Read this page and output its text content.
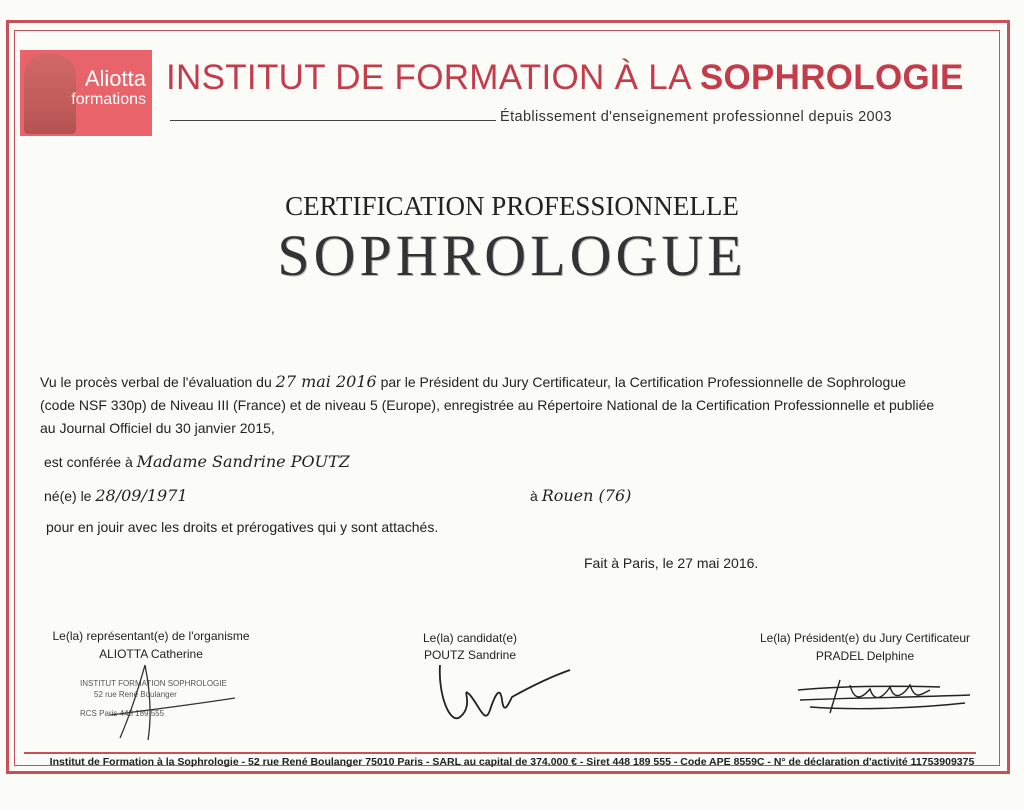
Aliotta
formations
INSTITUT DE FORMATION À LA SOPHROLOGIE
Établissement d'enseignement professionnel depuis 2003
CERTIFICATION PROFESSIONNELLE
SOPHROLOGUE
Vu le procès verbal de l'évaluation du 27 mai 2016 par le Président du Jury Certificateur, la Certification Professionnelle de Sophrologue
(code NSF 330p) de Niveau III (France) et de niveau 5 (Europe), enregistrée au Répertoire National de la Certification Professionnelle et publiée
au Journal Officiel du 30 janvier 2015,
est conférée à Madame Sandrine POUTZ
né(e) le 28/09/1971	à Rouen (76)
pour en jouir avec les droits et prérogatives qui y sont attachés.
Fait à Paris, le 27 mai 2016.
Le(la) représentant(e) de l'organisme
ALIOTTA Catherine
Le(la) candidat(e)
POUTZ Sandrine
Le(la) Président(e) du Jury Certificateur
PRADEL Delphine
INSTITUT FORMATION SOPHROLOGIE
52 rue René Boulanger
RCS Paris 448 189 555
Institut de Formation à la Sophrologie - 52 rue René Boulanger 75010 Paris - SARL au capital de 374.000 € - Siret 448 189 555 - Code APE 8559C - N° de déclaration d'activité 11753909375
